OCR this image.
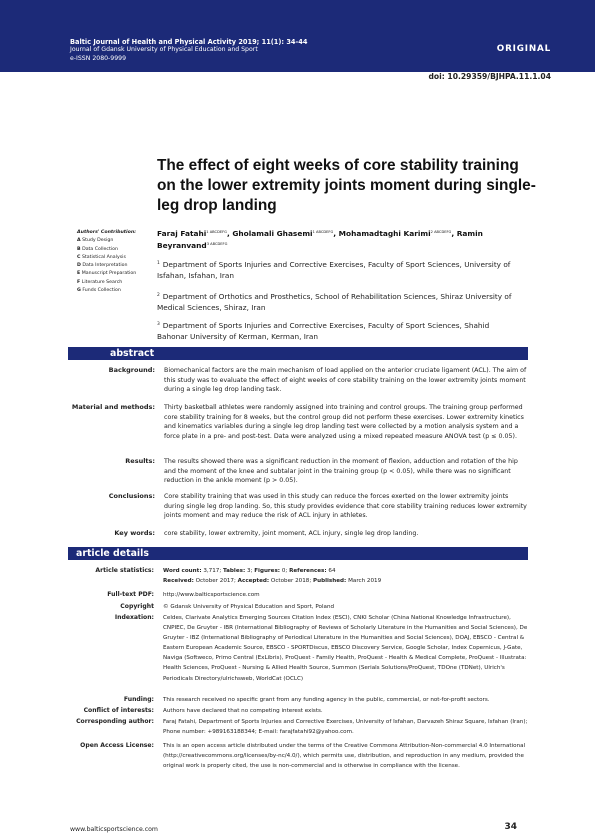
Baltic Journal of Health and Physical Activity 2019; 11(1): 34-44
Journal of Gdansk University of Physical Education and Sport
e-ISSN 2080-9999
ORIGINAL
doi: 10.29359/BJHPA.11.1.04
The effect of eight weeks of core stability training on the lower extremity joints moment during single-leg drop landing
Authors' Contribution:
A Study Design
B Data Collection
C Statistical Analysis
D Data Interpretation
E Manuscript Preparation
F Literature Search
G Funds Collection
Faraj Fatahi$^{1 ABCDEFG}$, Gholamali Ghasemi$^{1 ABCDEFG}$, Mohamadtaghi Karimi$^{2 ABCDEFG}$, Ramin Beyranvand$^{3 ABCDEFG}$
$^1$ Department of Sports Injuries and Corrective Exercises, Faculty of Sport Sciences, University of Isfahan, Isfahan, Iran
$^2$ Department of Orthotics and Prosthetics, School of Rehabilitation Sciences, Shiraz University of Medical Sciences, Shiraz, Iran
$^3$ Department of Sports Injuries and Corrective Exercises, Faculty of Sport Sciences, Shahid Bahonar University of Kerman, Kerman, Iran
abstract
Background: Biomechanical factors are the main mechanism of load applied on the anterior cruciate ligament (ACL). The aim of this study was to evaluate the effect of eight weeks of core stability training on the lower extremity joints moment during a single leg drop landing task.
Material and methods: Thirty basketball athletes were randomly assigned into training and control groups. The training group performed core stability training for 8 weeks, but the control group did not perform these exercises. Lower extremity kinetics and kinematics variables during a single leg drop landing test were collected by a motion analysis system and a force plate in a pre- and post-test. Data were analyzed using a mixed repeated measure ANOVA test (p ≤ 0.05).
Results: The results showed there was a significant reduction in the moment of flexion, adduction and rotation of the hip and the moment of the knee and subtalar joint in the training group (p < 0.05), while there was no significant reduction in the ankle moment (p > 0.05).
Conclusions: Core stability training that was used in this study can reduce the forces exerted on the lower extremity joints during single leg drop landing. So, this study provides evidence that core stability training reduces lower extremity joints moment and may reduce the risk of ACL injury in athletes.
Key words: core stability, lower extremity, joint moment, ACL injury, single leg drop landing.
article details
Article statistics: Word count: 3,717; Tables: 3; Figures: 0; References: 64
Received: October 2017; Accepted: October 2018; Published: March 2019
Full-text PDF: http://www.balticsportscience.com
Copyright © Gdansk University of Physical Education and Sport, Poland
Indexation: Celdes, Clarivate Analytics Emerging Sources Citation Index (ESCI), CNKI Scholar (China National Knowledge Infrastructure), CNPIEC, De Gruyter - IBR (International Bibliography of Reviews of Scholarly Literature in the Humanities and Social Sciences), De Gruyter - IBZ (International Bibliography of Periodical Literature in the Humanities and Social Sciences), DOAJ, EBSCO - Central & Eastern European Academic Source, EBSCO - SPORTDiscus, EBSCO Discovery Service, Google Scholar, Index Copernicus, J-Gate, Naviga (Softweco, Primo Central (ExLibris), ProQuest - Family Health, ProQuest - Health & Medical Complete, ProQuest - Illustrata: Health Sciences, ProQuest - Nursing & Allied Health Source, Summon (Serials Solutions/ProQuest, TDOne (TDNet), Ulrich's Periodicals Directory/ulrichsweb, WorldCat (OCLC)
Funding: This research received no specific grant from any funding agency in the public, commercial, or not-for-profit sectors.
Conflict of interests: Authors have declared that no competing interest exists.
Corresponding author: Faraj Fatahi, Department of Sports Injuries and Corrective Exercises, University of Isfahan, Darvazeh Shiraz Square, Isfahan (Iran); Phone number: +989163188344; E-mail: farajfatahi92@yahoo.com.
Open Access License: This is an open access article distributed under the terms of the Creative Commons Attribution-Non-commercial 4.0 International (http://creativecommons.org/licenses/by-nc/4.0/), which permits use, distribution, and reproduction in any medium, provided the original work is properly cited, the use is non-commercial and is otherwise in compliance with the license.
www.balticsportscience.com	34
